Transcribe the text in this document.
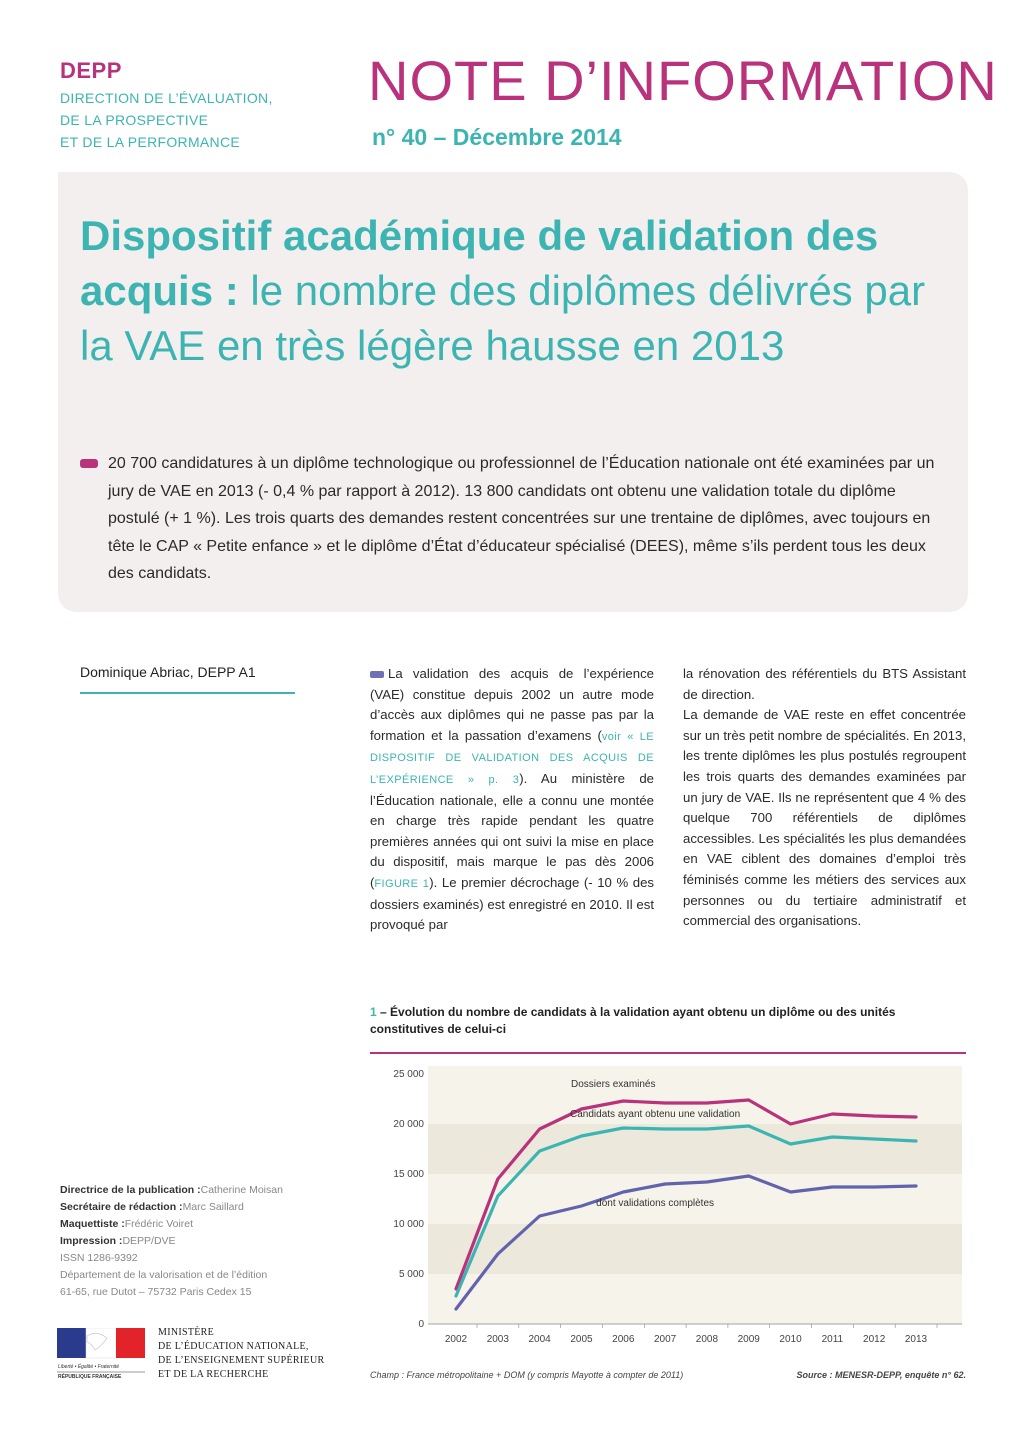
DEPP
DIRECTION DE L’ÉVALUATION,
DE LA PROSPECTIVE
ET DE LA PERFORMANCE
NOTE D’INFORMATION
n° 40 – Décembre 2014
Dispositif académique de validation des acquis : le nombre des diplômes délivrés par la VAE en très légère hausse en 2013
20 700 candidatures à un diplôme technologique ou professionnel de l’Éducation nationale ont été examinées par un jury de VAE en 2013 (- 0,4 % par rapport à 2012). 13 800 candidats ont obtenu une validation totale du diplôme postulé (+ 1 %). Les trois quarts des demandes restent concentrées sur une trentaine de diplômes, avec toujours en tête le CAP « Petite enfance » et le diplôme d’État d’éducateur spécialisé (DEES), même s’ils perdent tous les deux des candidats.
Dominique Abriac, DEPP A1	La validation des acquis de l’expérience (VAE) constitue depuis 2002 un autre mode d’accès aux diplômes qui ne passe pas par la formation et la passation d’examens (voir « LE DISPOSITIF DE VALIDATION DES ACQUIS DE L’EXPÉRIENCE » p. 3). Au ministère de l’Éducation nationale, elle a connu une montée en charge très rapide pendant les quatre premières années qui ont suivi la mise en place du dispositif, mais marque le pas dès 2006 (FIGURE 1). Le premier décrochage (- 10 % des dossiers examinés) est enregistré en 2010. Il est provoqué par
la rénovation des référentiels du BTS Assistant de direction.
La demande de VAE reste en effet concentrée sur un très petit nombre de spécialités. En 2013, les trente diplômes les plus postulés regroupent les trois quarts des demandes examinées par un jury de VAE. Ils ne représentent que 4 % des quelque 700 référentiels de diplômes accessibles. Les spécialités les plus demandées en VAE ciblent des domaines d’emploi très féminisés comme les métiers des services aux personnes ou du tertiaire administratif et commercial des organisations.
1 – Évolution du nombre de candidats à la validation ayant obtenu un diplôme ou des unités constitutives de celui-ci
0
5 000
10 000
15 000
20 000
25 000
2002 2003 2004 2005 2006 2007 2008 2009 2010 2011 2012 2013
Dossiers examinés
Candidats ayant obtenu une validation
dont validations complètes
Champ : France métropolitaine + DOM (y compris Mayotte à compter de 2011)	Source : MENESR-DEPP, enquête n° 62.
Directrice de la publication :Catherine Moisan
Secrétaire de rédaction :Marc Saillard
Maquettiste :Frédéric Voiret
Impression :DEPP/DVE
ISSN 1286-9392
Département de la valorisation et de l’édition
61-65, rue Dutot – 75732 Paris Cedex 15
Liberté • Égalité • Fraternité
RÉPUBLIQUE FRANÇAISE
MINISTÈRE
DE L’ÉDUCATION NATIONALE,
DE L’ENSEIGNEMENT SUPÉRIEUR
ET DE LA RECHERCHE
